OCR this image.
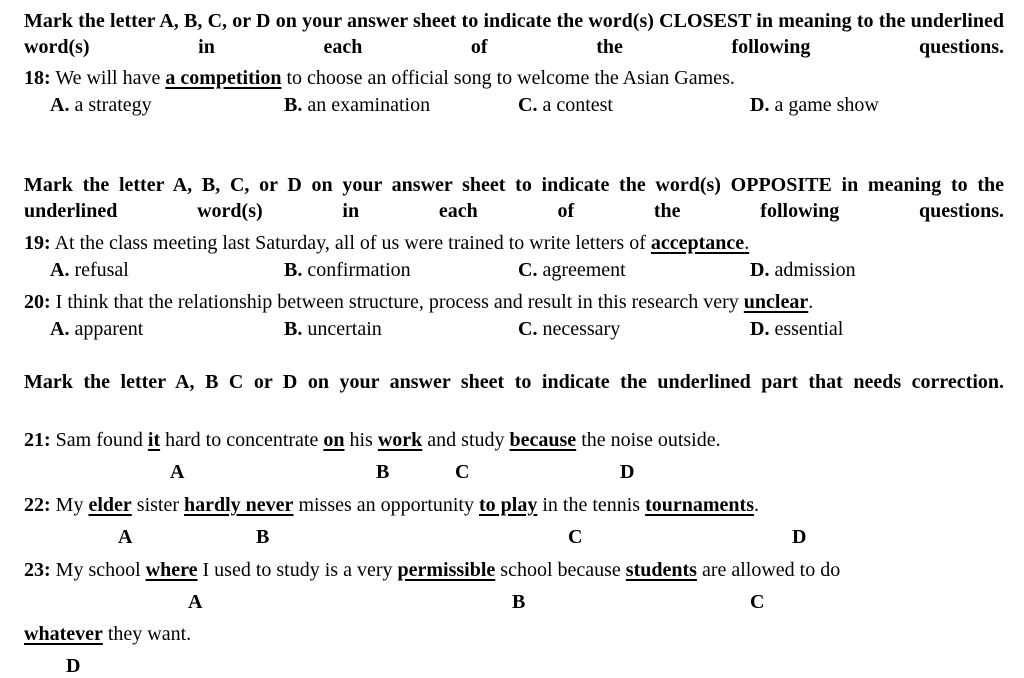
Mark the letter A, B, C, or D on your answer sheet to indicate the word(s) CLOSEST in meaning to the underlined word(s) in each of the following questions.
18: We will have a competition to choose an official song to welcome the Asian Games.
A. a strategy	B. an examination	C. a contest	D. a game show
Mark the letter A, B, C, or D on your answer sheet to indicate the word(s) OPPOSITE in meaning to the underlined word(s) in each of the following questions.
19: At the class meeting last Saturday, all of us were trained to write letters of acceptance.
A. refusal	B. confirmation	C. agreement	D. admission
20: I think that the relationship between structure, process and result in this research very unclear.
A. apparent	B. uncertain	C. necessary	D. essential
Mark the letter A, B C or D on your answer sheet to indicate the underlined part that needs correction.
21: Sam found it hard to concentrate on his work and study because the noise outside.
A	B	C	D
22: My elder sister hardly never misses an opportunity to play in the tennis tournaments.
A	B	C	D
23: My school where I used to study is a very permissible school because students are allowed to do
A	B	C
whatever they want.
D
